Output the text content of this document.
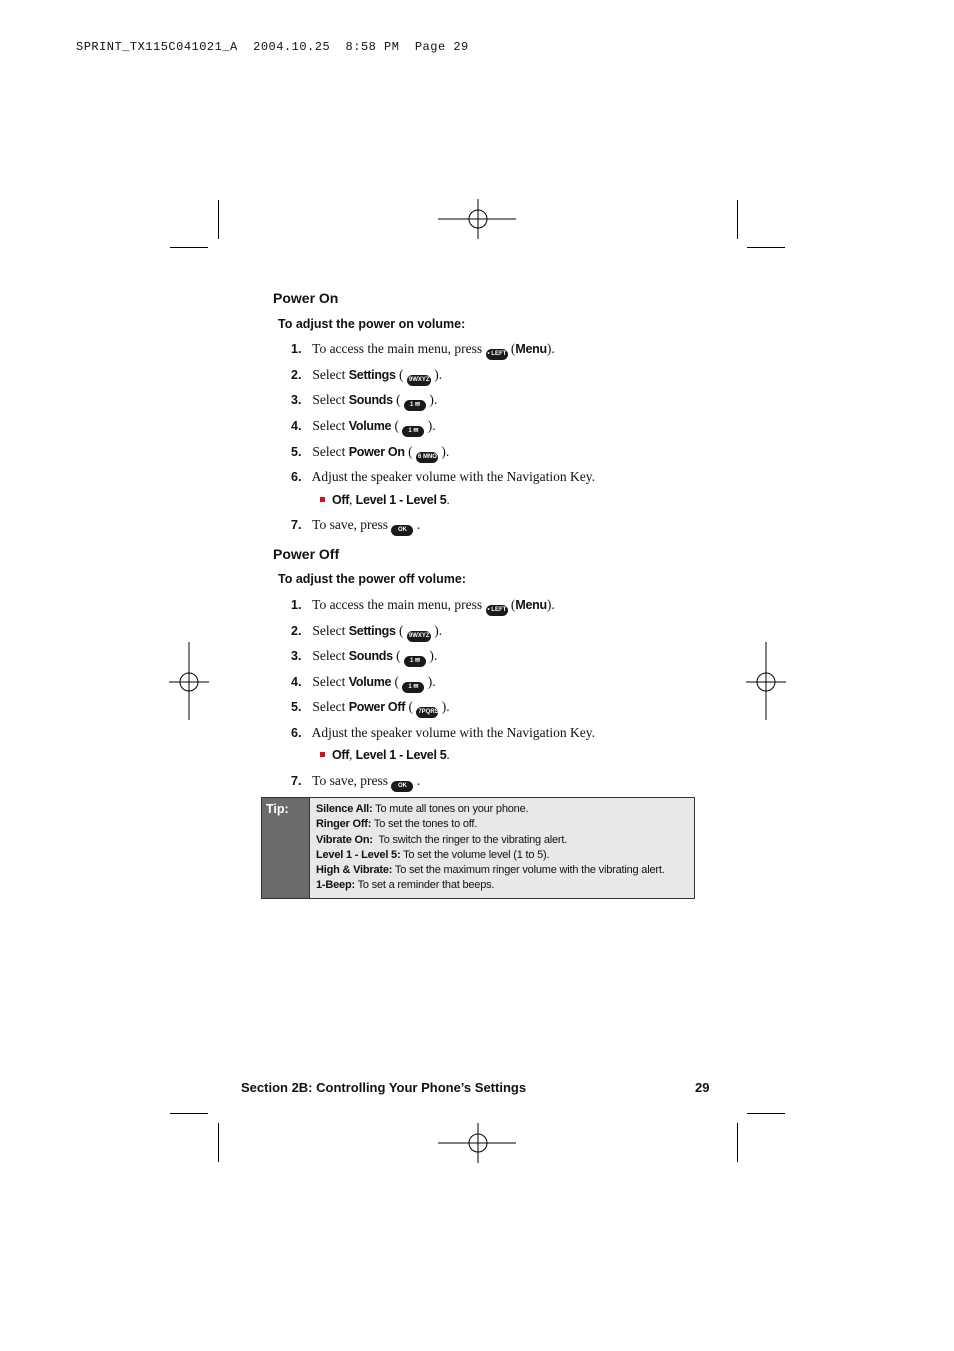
SPRINT_TX115C041021_A  2004.10.25  8:58 PM  Page 29
Power On
To adjust the power on volume:
1. To access the main menu, press • LEFT (Menu).
2. Select Settings ( 9WXYZ ).
3. Select Sounds ( 1 ✉ ).
4. Select Volume ( 1 ✉ ).
5. Select Power On ( 6 MNO ).
6. Adjust the speaker volume with the Navigation Key.
Off, Level 1 - Level 5.
7. To save, press OK .
Power Off
To adjust the power off volume:
1. To access the main menu, press • LEFT (Menu).
2. Select Settings ( 9WXYZ ).
3. Select Sounds ( 1 ✉ ).
4. Select Volume ( 1 ✉ ).
5. Select Power Off ( 7PQRS ).
6. Adjust the speaker volume with the Navigation Key.
Off, Level 1 - Level 5.
7. To save, press OK .
Tip:	Silence All: To mute all tones on your phone.
Ringer Off: To set the tones to off.
Vibrate On:  To switch the ringer to the vibrating alert.
Level 1 - Level 5: To set the volume level (1 to 5).
High & Vibrate: To set the maximum ringer volume with the vibrating alert.
1-Beep: To set a reminder that beeps.
Section 2B: Controlling Your Phone’s Settings	29
